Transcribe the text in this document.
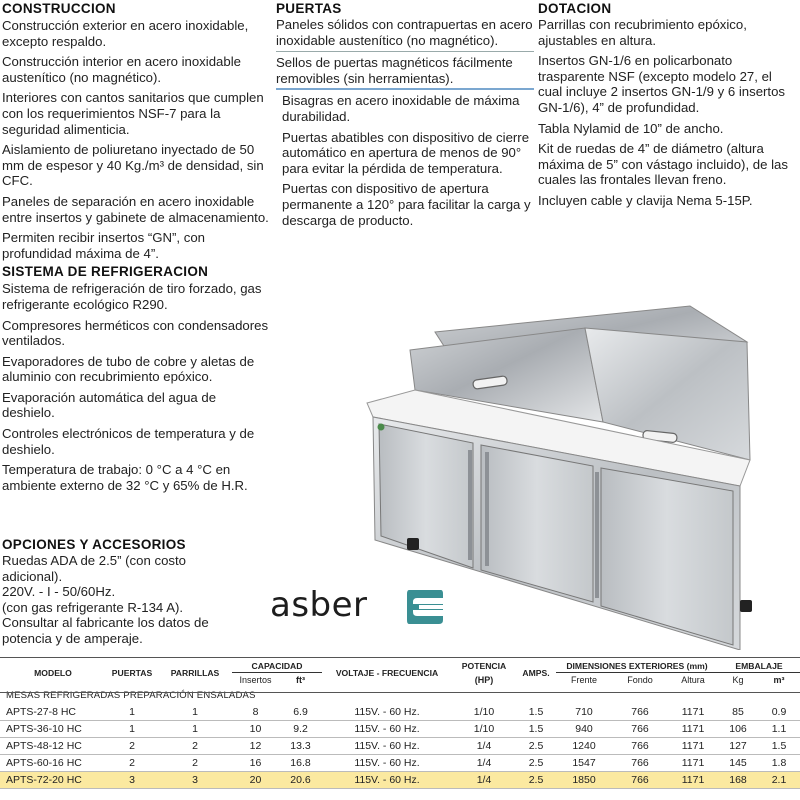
CONSTRUCCION

Construcción exterior en acero inoxidable, excepto respaldo.

Construcción interior en acero inoxidable austenítico (no magnético).

Interiores con cantos sanitarios que cumplen con los requerimientos NSF-7 para la seguridad alimenticia.

Aislamiento de poliuretano inyectado de 50 mm de espesor y 40 Kg./m³ de densidad, sin CFC.

Paneles de separación en acero inoxidable entre insertos y gabinete de almacenamiento.

Permiten recibir insertos “GN”, con profundidad máxima de 4”.

SISTEMA DE REFRIGERACION

Sistema de refrigeración de tiro forzado, gas refrigerante ecológico R290.

Compresores herméticos con condensadores ventilados.

Evaporadores de tubo de cobre y aletas de aluminio con recubrimiento epóxico.

Evaporación automática del agua de deshielo.

Controles electrónicos de temperatura y de deshielo.

Temperatura de trabajo: 0 °C a 4 °C en ambiente externo de 32 °C y 65% de H.R.

OPCIONES Y ACCESORIOS

Ruedas ADA de 2.5” (con costo

adicional).

220V. - I - 50/60Hz.

(con gas refrigerante R-134 A).

Consultar al fabricante los datos de

potencia y de amperaje.

PUERTAS

Paneles sólidos con contrapuertas en acero inoxidable austenítico (no magnético).

Sellos de puertas magnéticos fácilmente removibles (sin herramientas).

Bisagras en acero inoxidable de máxima durabilidad.

Puertas abatibles con dispositivo de cierre automático en apertura de menos de 90° para evitar la pérdida de temperatura.

Puertas con dispositivo de apertura permanente a 120° para facilitar la carga y descarga de producto.

DOTACION

Parrillas con recubrimiento epóxico, ajustables en altura.

Insertos GN-1/6 en policarbonato trasparente NSF (excepto modelo 27, el cual incluye 2 insertos GN-1/9 y 6 insertos GN-1/6), 4” de profundidad.

Tabla Nylamid de 10” de ancho.

Kit de ruedas de 4” de diámetro (altura máxima de 5” con vástago incluido), de las cuales las frontales llevan freno.

Incluyen cable y clavija Nema 5-15P.

asber
MODELO	PUERTAS	PARRILLAS	CAPACIDAD		VOLTAJE - FRECUENCIA	POTENCIA	AMPS.	DIMENSIONES EXTERIORES (mm)			EMBALAJE	
			Insertos	ft³		(HP)		Frente	Fondo	Altura	Kg	m³
MESAS REFRIGERADAS PREPARACIÓN ENSALADAS												
APTS-27-8 HC	1	1	8	6.9	115V. - 60 Hz.	1/10	1.5	710	766	1171	85	0.9
APTS-36-10 HC	1	1	10	9.2	115V. - 60 Hz.	1/10	1.5	940	766	1171	106	1.1
APTS-48-12 HC	2	2	12	13.3	115V. - 60 Hz.	1/4	2.5	1240	766	1171	127	1.5
APTS-60-16 HC	2	2	16	16.8	115V. - 60 Hz.	1/4	2.5	1547	766	1171	145	1.8
APTS-72-20 HC	3	3	20	20.6	115V. - 60 Hz.	1/4	2.5	1850	766	1171	168	2.1
